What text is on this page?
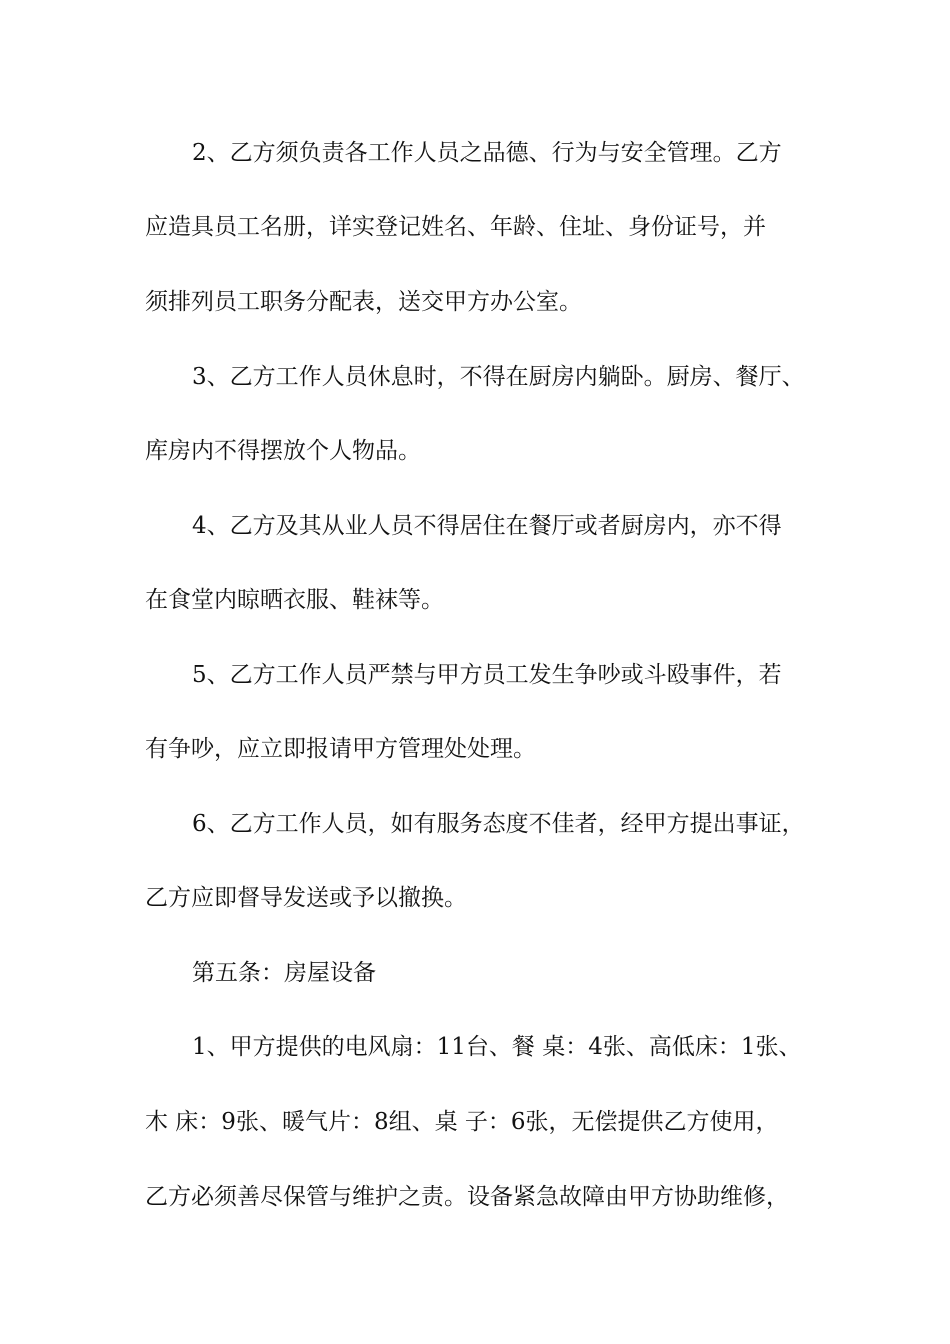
2、乙方须负责各工作人员之品德、行为与安全管理。乙方
应造具员工名册，详实登记姓名、年龄、住址、身份证号，并
须排列员工职务分配表，送交甲方办公室。
3、乙方工作人员休息时，不得在厨房内躺卧。厨房、餐厅、
库房内不得摆放个人物品。
4、乙方及其从业人员不得居住在餐厅或者厨房内，亦不得
在食堂内晾晒衣服、鞋袜等。
5、乙方工作人员严禁与甲方员工发生争吵或斗殴事件，若
有争吵，应立即报请甲方管理处处理。
6、乙方工作人员，如有服务态度不佳者，经甲方提出事证，
乙方应即督导发送或予以撤换。
第五条：房屋设备
1、甲方提供的电风扇：11台、餐 桌：4张、高低床：1张、
木 床：9张、暖气片：8组、桌 子：6张，无偿提供乙方使用，
乙方必须善尽保管与维护之责。设备紧急故障由甲方协助维修，
